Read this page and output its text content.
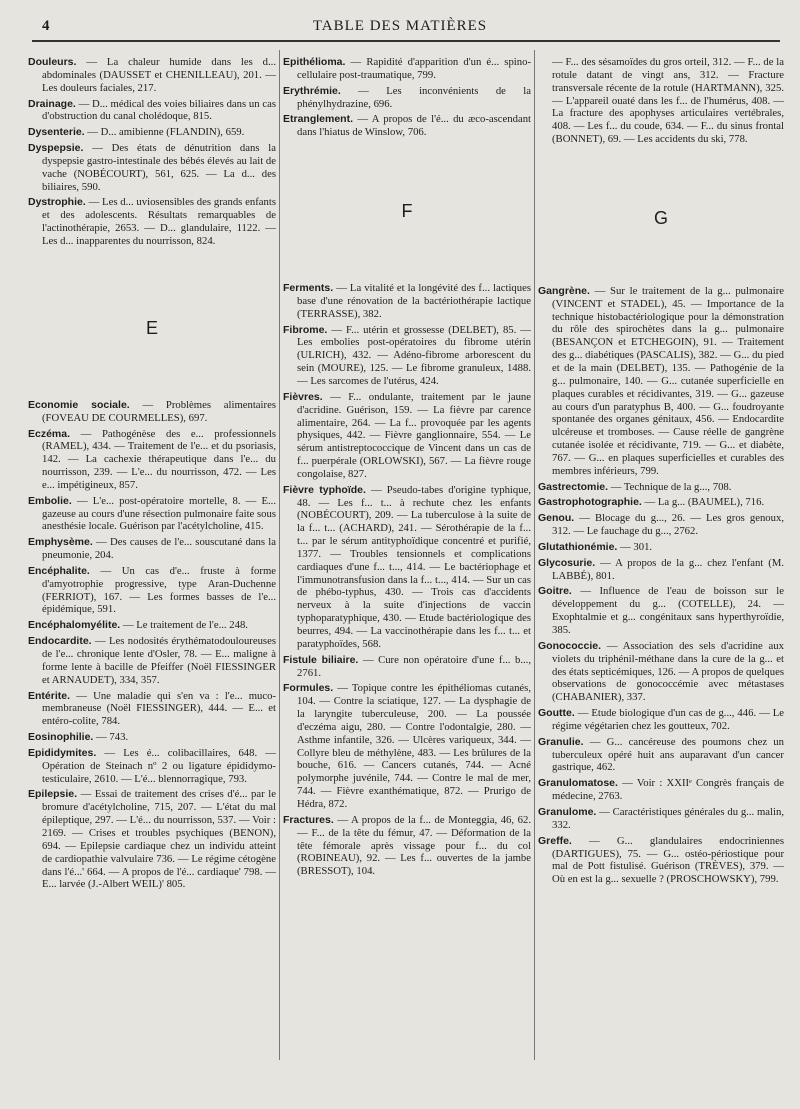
4	TABLE DES MATIÈRES

Douleurs. — La chaleur humide dans les d... abdominales (DAUSSET et CHENILLEAU), 201. — Les douleurs faciales, 217.

Drainage. — D... médical des voies biliaires dans un cas d'obstruction du canal cholédoque, 815.

Dysenterie. — D... amibienne (FLANDIN), 659.

Dyspepsie. — Des états de dénutrition dans la dyspepsie gastro-intestinale des bébés élevés au lait de vache (NOBÉCOURT), 561, 625. — La d... des biliaires, 590.

Dystrophie. — Les d... uviosensibles des grands enfants et des adolescents. Résultats remarquables de l'actinothérapie, 2653. — D... glandulaire, 1122. — Les d... inapparentes du nourrisson, 824.

E

Economie sociale. — Problèmes alimentaires (FOVEAU DE COURMELLES), 697.

Eczéma. — Pathogénèse des e... professionnels (RAMEL), 434. — Traitement de l'e... et du psoriasis, 142. — La cachexie thérapeutique dans l'e... du nourrisson, 239. — L'e... du nourrisson, 472. — Les e... impétigineux, 857.

Embolie. — L'e... post-opératoire mortelle, 8. — E... gazeuse au cours d'une résection pulmonaire faite sous anesthésie locale. Guérison par l'acétylcholine, 415.

Emphysème. — Des causes de l'e... souscutané dans la pneumonie, 204.

Encéphalite. — Un cas d'e... fruste à forme d'amyotrophie progressive, type Aran-Duchenne (FERRIOT), 167. — Les formes basses de l'e... épidémique, 591.

Encéphalomyélite. — Le traitement de l'e... 248.

Endocardite. — Les nodosités érythématodouloureuses de l'e... chronique lente d'Osler, 78. — E... maligne à forme lente à bacille de Pfeiffer (Noël FIESSINGER et ARNAUDET), 334, 357.

Entérite. — Une maladie qui s'en va : l'e... muco-membraneuse (Noël FIESSINGER), 444. — E... et entéro-colite, 784.

Eosinophilie. — 743.

Epididymites. — Les é... colibacillaires, 648. — Opération de Steinach nº 2 ou ligature épididymo-testiculaire, 2610. — L'é... blennorragique, 793.

Epilepsie. — Essai de traitement des crises d'é... par le bromure d'acétylcholine, 715, 207. — L'état du mal épileptique, 297. — L'é... du nourrisson, 537. — Voir : 2169. — Crises et troubles psychiques (BENON), 694. — Epilepsie cardiaque chez un individu atteint de cardiopathie valvulaire 736. — Le régime cétogène dans l'é...' 664. — A propos de l'é... cardiaque' 798. — E... larvée (J.-Albert WEIL)' 805.

Epithélioma. — Rapidité d'apparition d'un é... spino-cellulaire post-traumatique, 799.

Erythrémie. — Les inconvénients de la phénylhydrazine, 696.

Etranglement. — A propos de l'é... du æco-ascendant dans l'hiatus de Winslow, 706.

F

Ferments. — La vitalité et la longévité des f... lactiques base d'une rénovation de la bactériothérapie lactique (TERRASSE), 382.

Fibrome. — F... utérin et grossesse (DELBET), 85. — Les embolies post-opératoires du fibrome utérin (ULRICH), 432. — Adéno-fibrome arborescent du sein (MOURE), 125. — Le fibrome granuleux, 1488. — Les sarcomes de l'utérus, 424.

Fièvres. — F... ondulante, traitement par le jaune d'acridine. Guérison, 159. — La fièvre par carence alimentaire, 264. — La f... provoquée par les agents physiques, 442. — Fièvre ganglionnaire, 554. — Le sérum antistreptococcique de Vincent dans un cas de f... puerpérale (ORLOWSKI), 567. — La fièvre rouge congolaise, 827.

Fièvre typhoïde. — Pseudo-tabes d'origine typhique, 48. — Les f... t... à rechute chez les enfants (NOBÉCOURT), 209. — La tuberculose à la suite de la f... t... (ACHARD), 241. — Sérothérapie de la f... t... par le sérum antityphoïdique concentré et purifié, 1377. — Troubles tensionnels et complications cardiaques d'une f... t..., 414. — Le bactériophage et l'immunotransfusion dans la f... t..., 414. — Sur un cas de phébo-typhus, 430. — Trois cas d'accidents nerveux à la suite d'injections de vaccin typhoparatyphique, 430. — Etude bactériologique des beurres, 494. — La vaccinothérapie dans les f... t... et paratyphoïdes, 568.

Fistule biliaire. — Cure non opératoire d'une f... b..., 2761.

Formules. — Topique contre les épithéliomas cutanés, 104. — Contre la sciatique, 127. — La dysphagie de la laryngite tuberculeuse, 200. — La poussée d'eczéma aigu, 280. — Contre l'odontalgie, 280. — Asthme infantile, 326. — Ulcères variqueux, 344. — Collyre bleu de méthylène, 483. — Les brûlures de la bouche, 616. — Cancers cutanés, 744. — Acné polymorphe juvénile, 744. — Contre le mal de mer, 744. — Fièvre exanthématique, 872. — Prurigo de Hédra, 872.

Fractures. — A propos de la f... de Monteggia, 46, 62. — F... de la tête du fémur, 47. — Déformation de la tête fémorale après vissage pour f... du col (ROBINEAU), 92. — Les f... ouvertes de la jambe (BRESSOT), 104.

— F... des sésamoïdes du gros orteil, 312. — F... de la rotule datant de vingt ans, 312. — Fracture transversale récente de la rotule (HARTMANN), 325. — L'appareil ouaté dans les f... de l'humérus, 408. — La fracture des apophyses articulaires vertébrales, 408. — Les f... du coude, 634. — F... du sinus frontal (BONNET), 69. — Les accidents du ski, 778.

G

Gangrène. — Sur le traitement de la g... pulmonaire (VINCENT et STADEL), 45. — Importance de la technique histobactériologique pour la démonstration du rôle des spirochètes dans la g... pulmonaire (BESANÇON et ETCHEGOIN), 91. — Traitement des g... diabétiques (PASCALIS), 382. — G... du pied et de la main (DELBET), 135. — Pathogénie de la g... pulmonaire, 140. — G... cutanée superficielle en plaques curables et récidivantes, 319. — G... gazeuse au cours d'un paratyphus B, 400. — G... foudroyante spontanée des organes génitaux, 456. — Endocardite ulcéreuse et tromboses. — Cause réelle de gangrène cutanée isolée et récidivante, 719. — G... et diabète, 767. — G... en plaques superficielles et curables des membres inférieurs, 799.

Gastrectomie. — Technique de la g..., 708.

Gastrophotographie. — La g... (BAUMEL), 716.

Genou. — Blocage du g..., 26. — Les gros genoux, 312. — Le fauchage du g..., 2762.

Glutathionémie. — 301.

Glycosurie. — A propos de la g... chez l'enfant (M. LABBÉ), 801.

Goitre. — Influence de l'eau de boisson sur le développement du g... (COTELLE), 24. — Exophtalmie et g... congénitaux sans hyperthyroïdie, 385.

Gonococcie. — Association des sels d'acridine aux violets du triphénil-méthane dans la cure de la g... et des états septicémiques, 126. — A propos de quelques observations de gonococcémie avec métastases (CHABANIER), 337.

Goutte. — Etude biologique d'un cas de g..., 446. — Le régime végétarien chez les goutteux, 702.

Granulie. — G... cancéreuse des poumons chez un tuberculeux opéré huit ans auparavant d'un cancer gastrique, 462.

Granulomatose. — Voir : XXIIᵉ Congrès français de médecine, 2763.

Granulome. — Caractéristiques générales du g... malin, 332.

Greffe. — G... glandulaires endocriniennes (DARTIGUES), 75. — G... ostéo-périostique pour mal de Pott fistulisé. Guérison (TRÈVES), 379. — Où en est la g... sexuelle ? (PROSCHOWSKY), 799.
